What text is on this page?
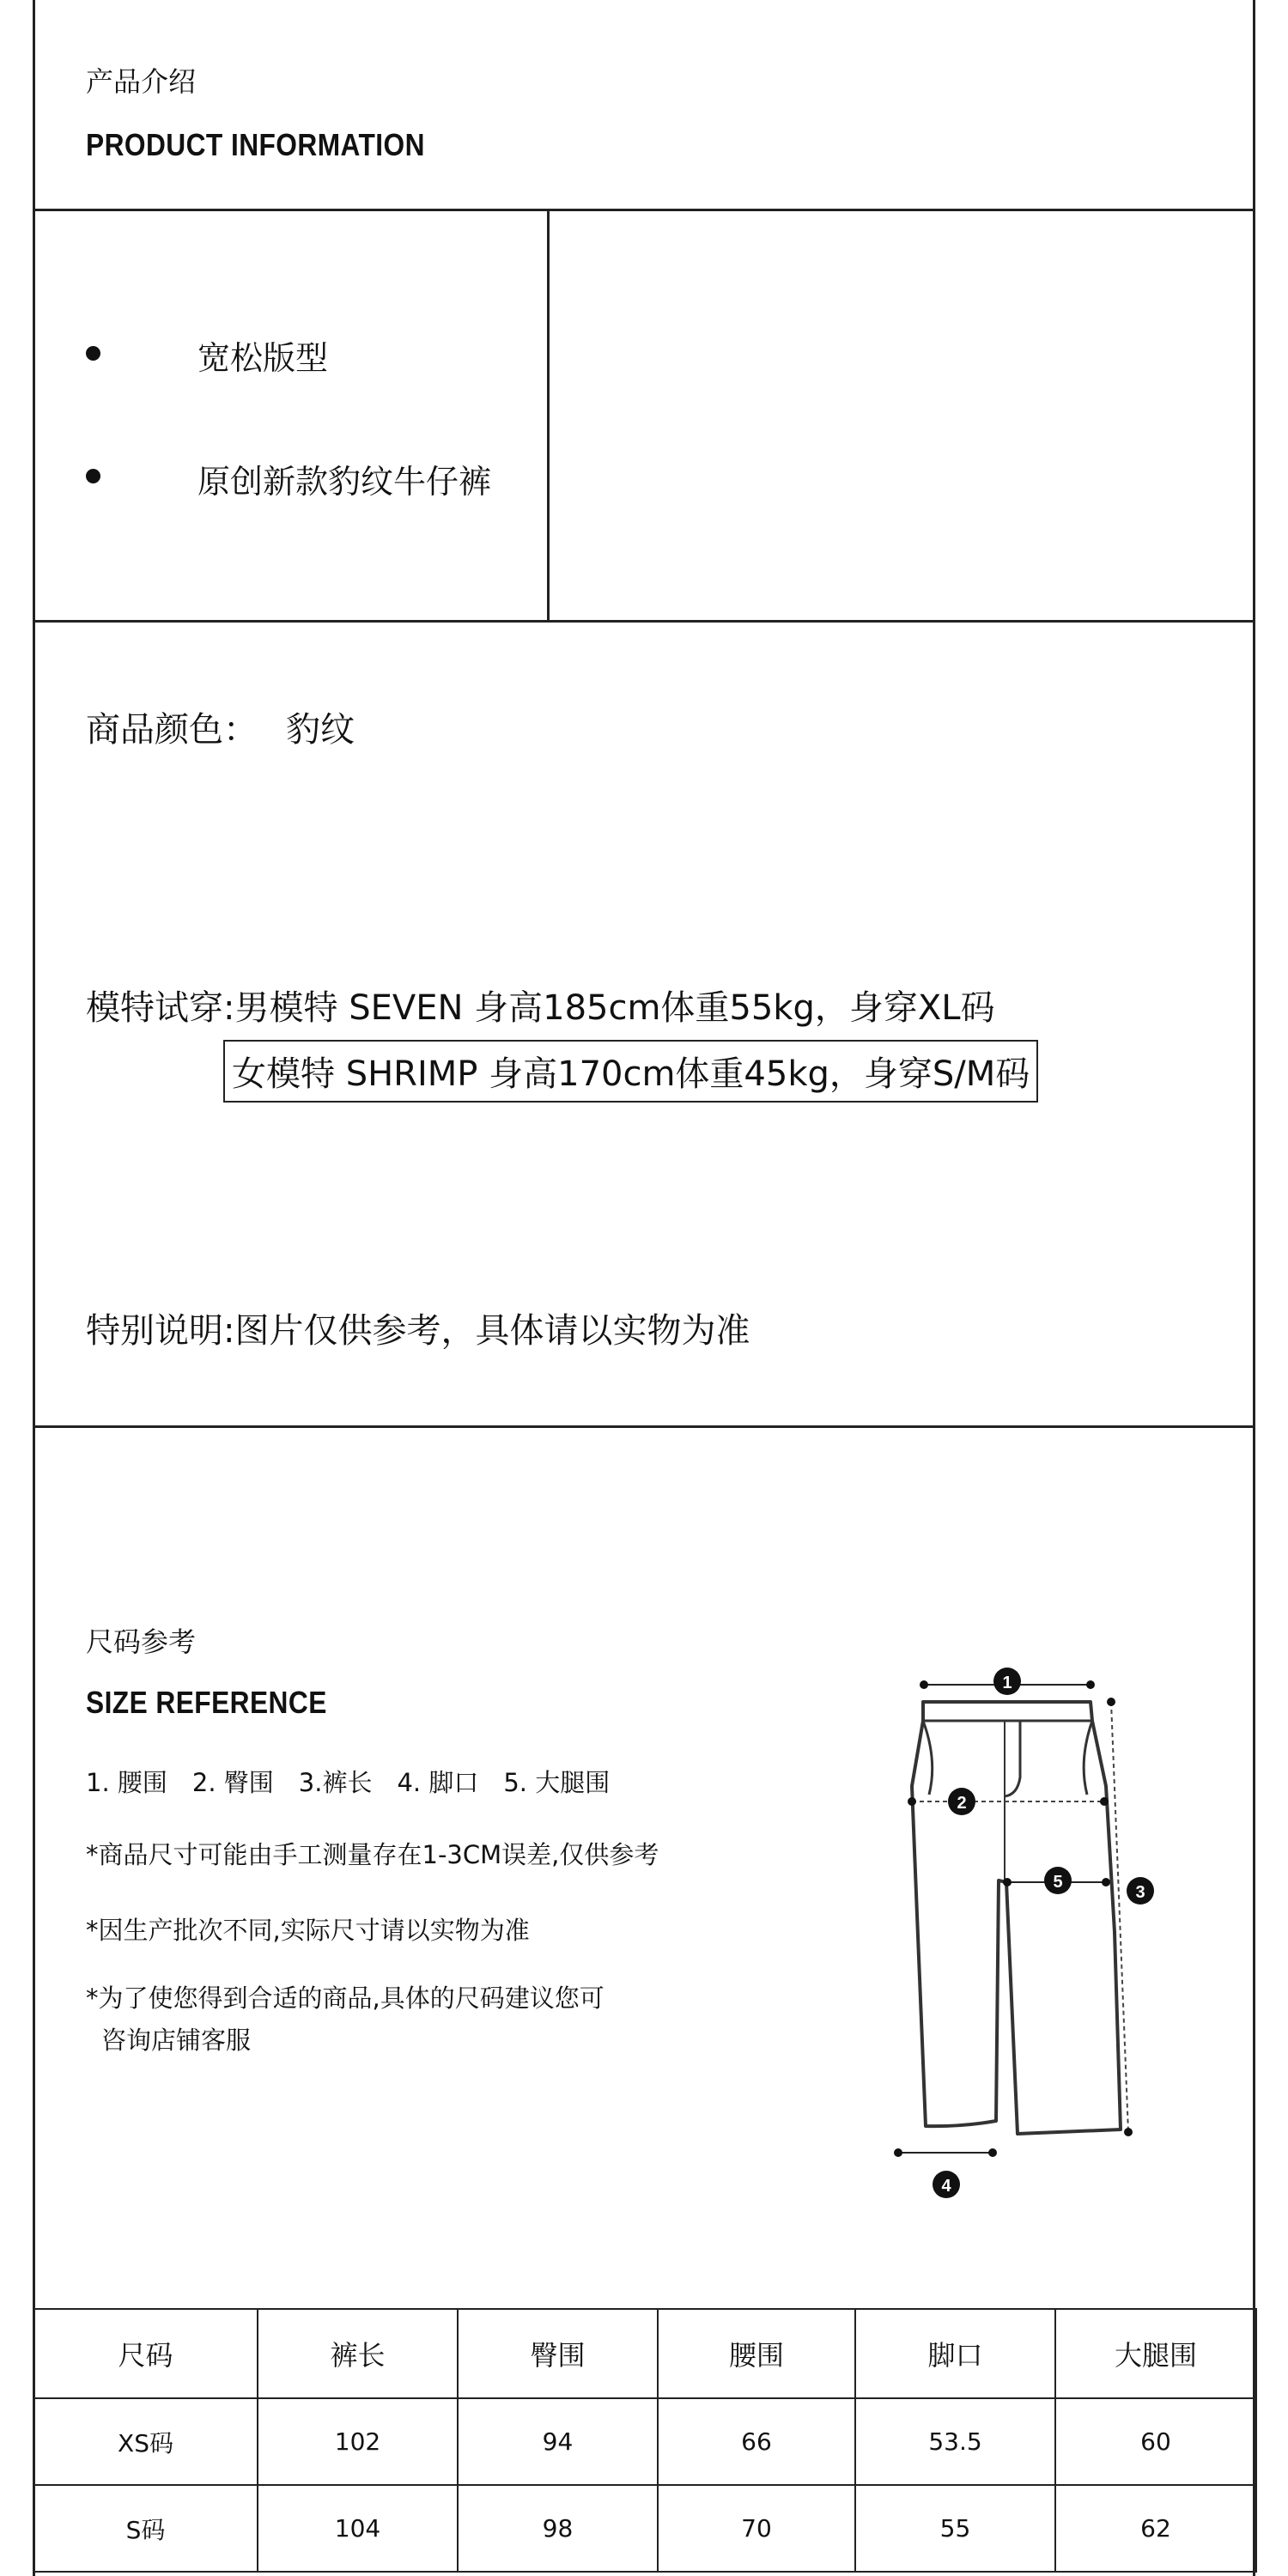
产品介绍
PRODUCT INFORMATION
宽松版型
原创新款豹纹牛仔裤
商品颜色： 豹纹
模特试穿:男模特 SEVEN 身高185cm体重55kg，身穿XL码
女模特 SHRIMP 身高170cm体重45kg，身穿S/M码
特别说明:图片仅供参考，具体请以实物为准
尺码参考
SIZE REFERENCE
1. 腰围　2. 臀围　3.裤长　4. 脚口　5. 大腿围
*商品尺寸可能由手工测量存在1-3CM误差,仅供参考
*因生产批次不同,实际尺寸请以实物为准
*为了使您得到合适的商品,具体的尺码建议您可
咨询店铺客服
1
2
3
4
5
尺码	裤长	臀围	腰围	脚口	大腿围
XS码	102	94	66	53.5	60
S码	104	98	70	55	62
